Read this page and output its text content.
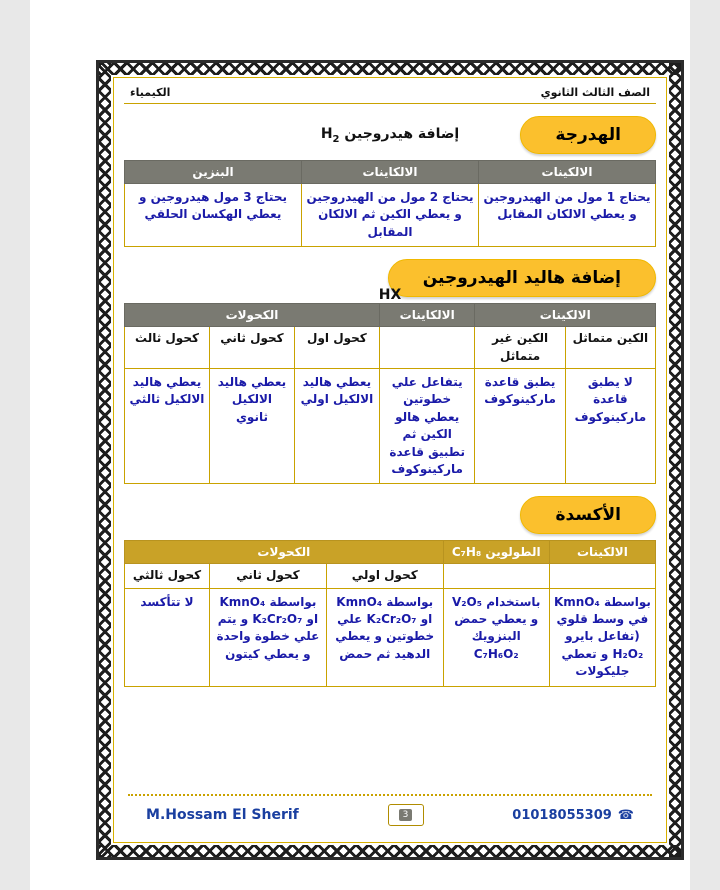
الصف الثالث الثانوي
الكيمياء
الهدرجة
إضافة هيدروجين $H_2$
الالكينات	الالكاينات	البنزين
يحتاج 1 مول من الهيدروجين و يعطي الالكان المقابل	يحتاج 2 مول من الهيدروجين و يعطي الكين ثم الالكان المقابل	يحتاج 3 مول هيدروجين و يعطي الهكسان الحلقي
إضافة هاليد الهيدروجين
HX
الالكينات		الالكاينات	الكحولات		
الكين متماثل	الكين غير متماثل		كحول اول	كحول ثاني	كحول ثالث
لا يطبق قاعدة ماركينوكوف	يطبق قاعدة ماركينوكوف	يتفاعل علي خطوتين يعطي هالو الكين ثم تطبيق قاعدة ماركينوكوف	يعطي هاليد الالكيل اولي	يعطي هاليد الالكيل ثانوي	يعطي هاليد الالكيل ثالثي
الأكسدة
الالكينات	الطولوين C₇H₈	الكحولات		
		كحول اولي	كحول ثاني	كحول ثالثي
بواسطة KmnO₄ في وسط قلوي (تفاعل بايرو H₂O₂ و تعطي جليكولات	باستخدام V₂O₅ و يعطي حمض البنزويك C₇H₆O₂	بواسطة KmnO₄ او K₂Cr₂O₇ علي خطوتين و يعطي الدهيد ثم حمض	بواسطة KmnO₄ او K₂Cr₂O₇ و يتم علي خطوة واحدة و يعطي كيتون	لا تتأكسد
☎
01018055309
3
M.Hossam El Sherif
